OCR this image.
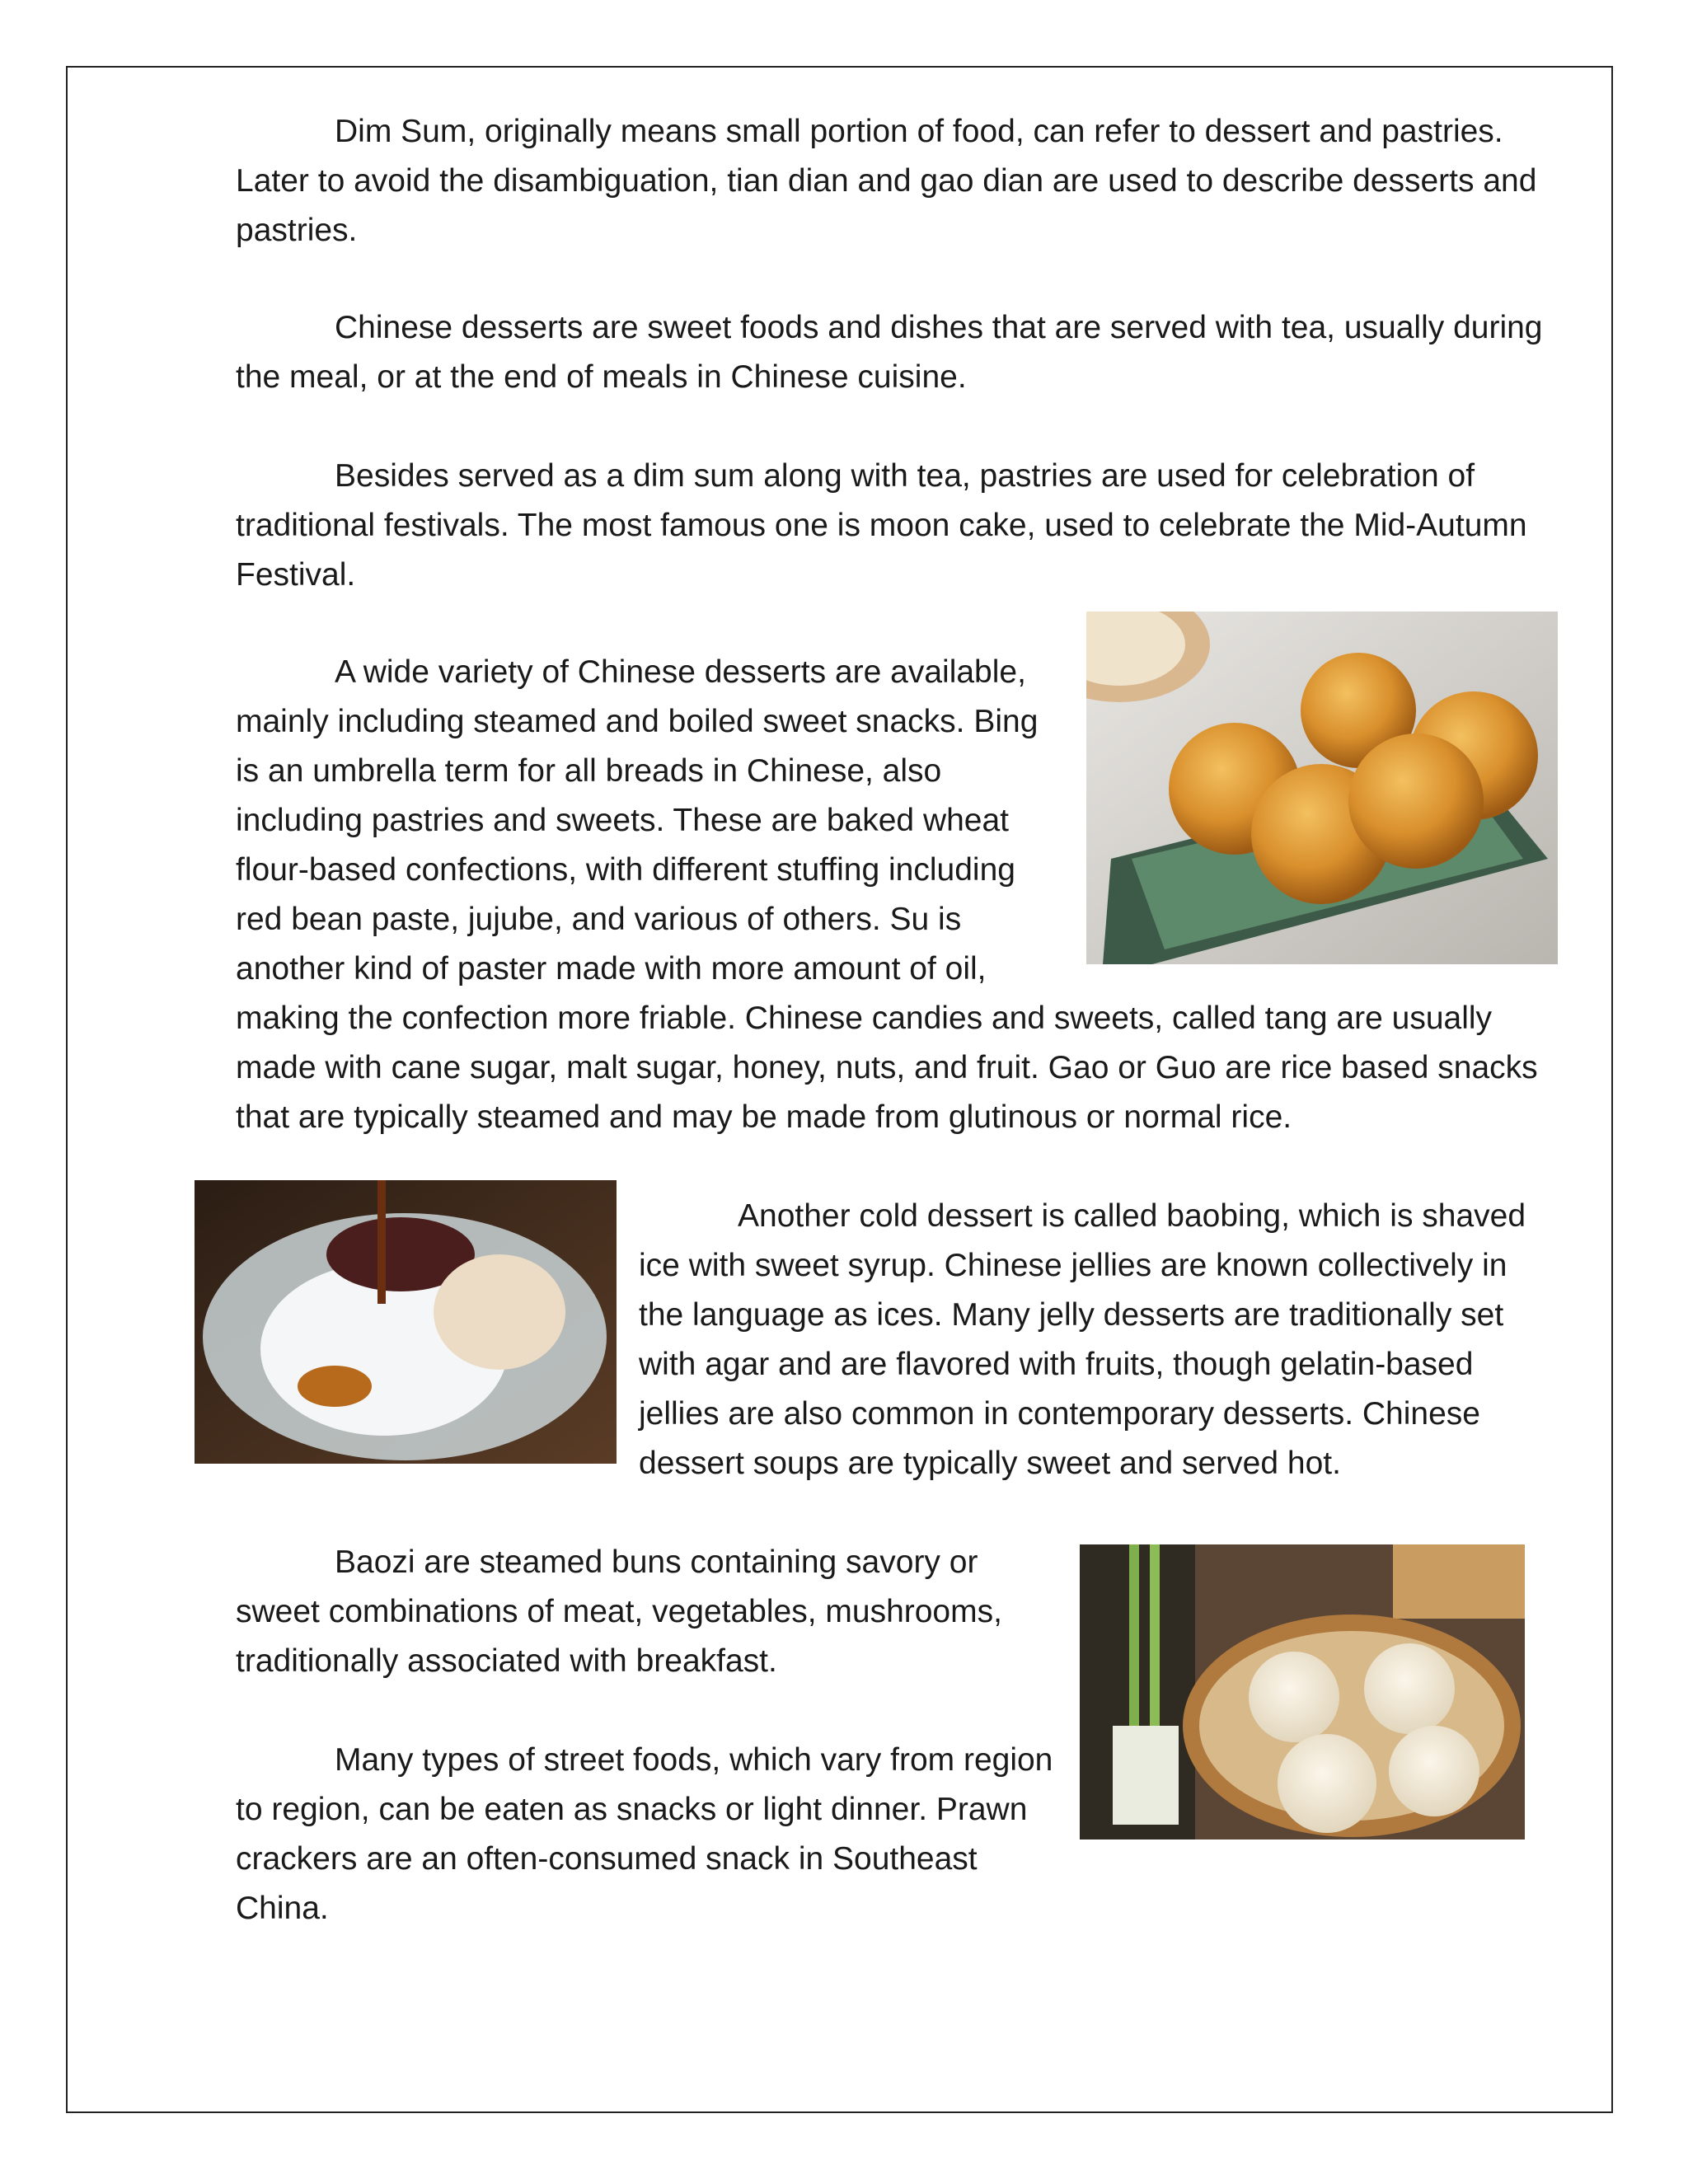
Dim Sum, originally means small portion of food, can refer to dessert and pastries. Later to avoid the disambiguation, tian dian and gao dian are used to describe desserts and pastries.

Chinese desserts are sweet foods and dishes that are served with tea, usually during the meal, or at the end of meals in Chinese cuisine.

Besides served as a dim sum along with tea, pastries are used for celebration of traditional festivals. The most famous one is moon cake, used to celebrate the Mid-Autumn Festival.

A wide variety of Chinese desserts are available, mainly including steamed and boiled sweet snacks. Bing is an umbrella term for all breads in Chinese, also including pastries and sweets. These are baked wheat flour-based confections, with different stuffing including red bean paste, jujube, and various of others. Su is another kind of paster made with more amount of oil,

making the confection more friable. Chinese candies and sweets, called tang are usually made with cane sugar, malt sugar, honey, nuts, and fruit. Gao or Guo are rice based snacks that are typically steamed and may be made from glutinous or normal rice.

Another cold dessert is called baobing, which is shaved ice with sweet syrup. Chinese jellies are known collectively in the language as ices. Many jelly desserts are traditionally set with agar and are flavored with fruits, though gelatin-based jellies are also common in contemporary desserts. Chinese dessert soups are typically sweet and served hot.

Baozi are steamed buns containing savory or sweet combinations of meat, vegetables, mushrooms, traditionally associated with breakfast.

Many types of street foods, which vary from region to region, can be eaten as snacks or light dinner. Prawn crackers are an often-consumed snack in Southeast China.
